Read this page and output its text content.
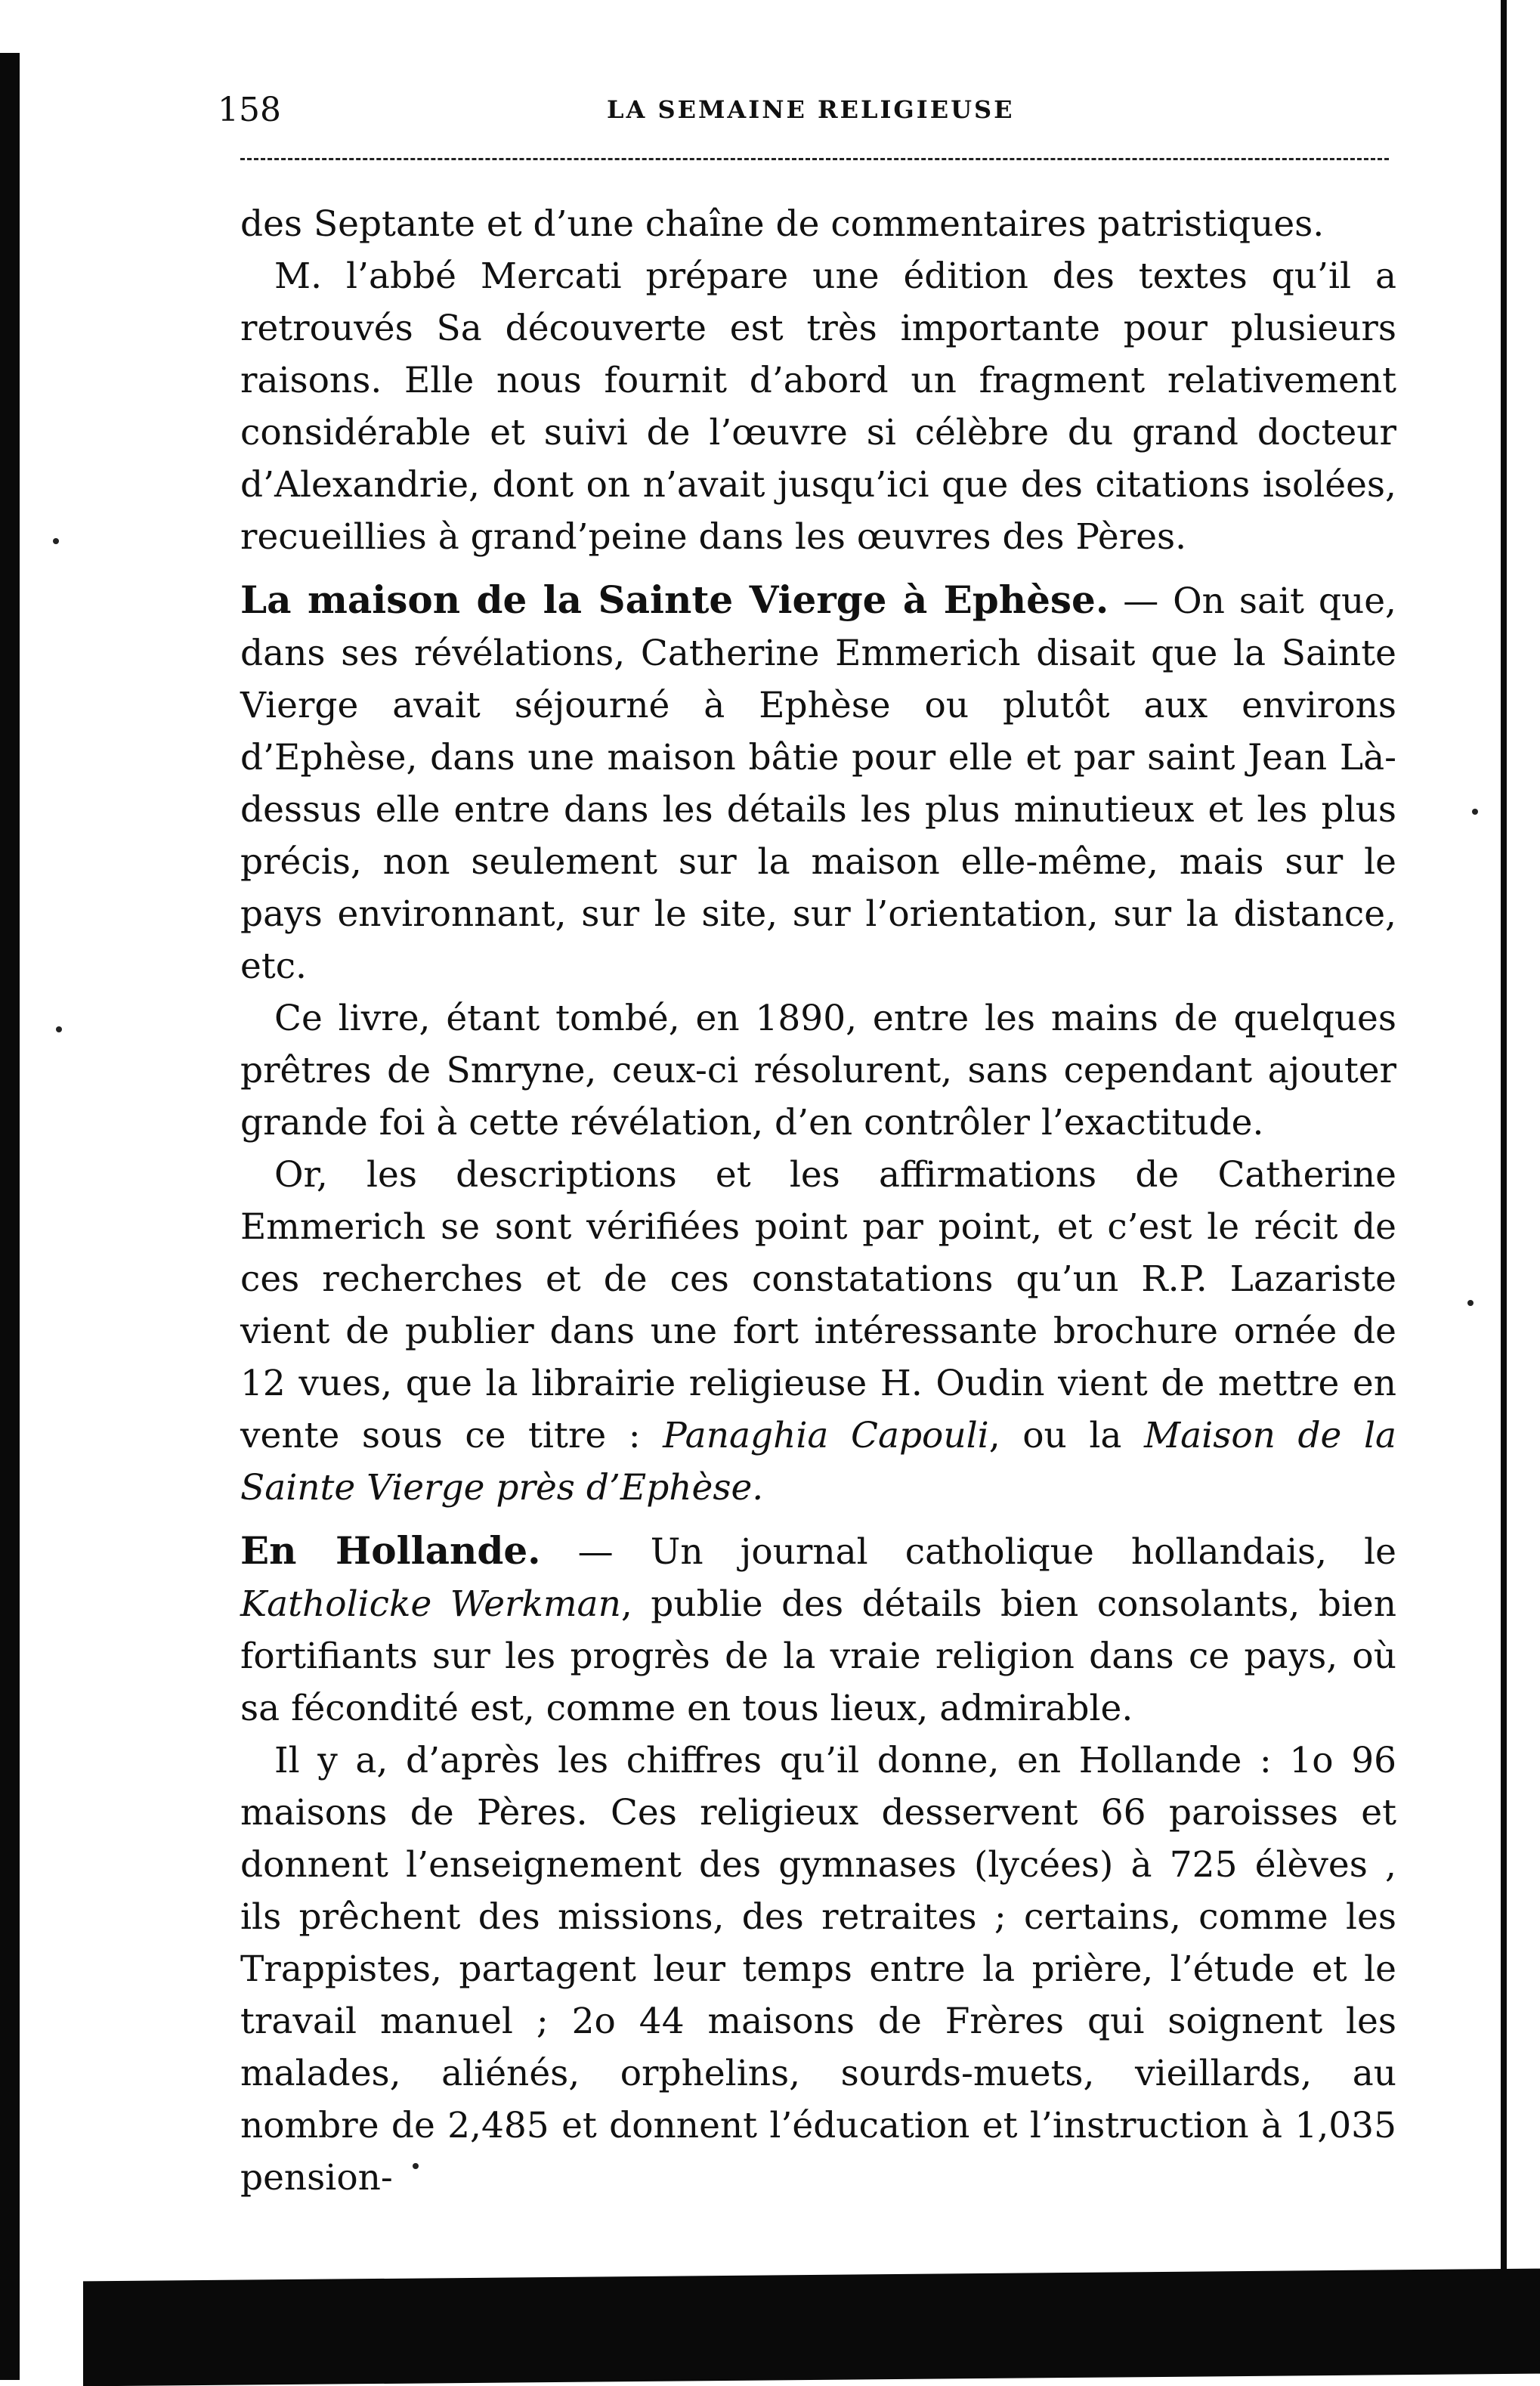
158	LA SEMAINE RELIGIEUSE

des Septante et d’une chaîne de commentaires patristiques.

M. l’abbé Mercati prépare une édition des textes qu’il a retrouvés Sa découverte est très importante pour plusieurs raisons. Elle nous fournit d’abord un fragment relativement considérable et suivi de l’œuvre si célèbre du grand docteur d’Alexandrie, dont on n’avait jusqu’ici que des citations isolées, recueillies à grand’peine dans les œuvres des Pères.

La maison de la Sainte Vierge à Ephèse. — On sait que, dans ses révélations, Catherine Emmerich disait que la Sainte Vierge avait séjourné à Ephèse ou plutôt aux environs d’Ephèse, dans une maison bâtie pour elle et par saint Jean Là-dessus elle entre dans les détails les plus minutieux et les plus précis, non seulement sur la maison elle-même, mais sur le pays environnant, sur le site, sur l’orientation, sur la distance, etc.

Ce livre, étant tombé, en 1890, entre les mains de quelques prêtres de Smryne, ceux-ci résolurent, sans cependant ajouter grande foi à cette révélation, d’en contrôler l’exactitude.

Or, les descriptions et les affirmations de Catherine Emmerich se sont vérifiées point par point, et c’est le récit de ces recherches et de ces constatations qu’un R.P. Lazariste vient de publier dans une fort intéressante brochure ornée de 12 vues, que la librairie religieuse H. Oudin vient de mettre en vente sous ce titre : Panaghia Capouli, ou la Maison de la Sainte Vierge près d’Ephèse.

En Hollande. — Un journal catholique hollandais, le Katholicke Werkman, publie des détails bien consolants, bien fortifiants sur les progrès de la vraie religion dans ce pays, où sa fécondité est, comme en tous lieux, admirable.

Il y a, d’après les chiffres qu’il donne, en Hollande : 1o 96 maisons de Pères. Ces religieux desservent 66 paroisses et donnent l’enseignement des gymnases (lycées) à 725 élèves , ils prêchent des missions, des retraites ; certains, comme les Trappistes, partagent leur temps entre la prière, l’étude et le travail manuel ; 2o 44 maisons de Frères qui soignent les malades, aliénés, orphelins, sourds-muets, vieillards, au nombre de 2,485 et donnent l’éducation et l’instruction à 1,035 pension-
